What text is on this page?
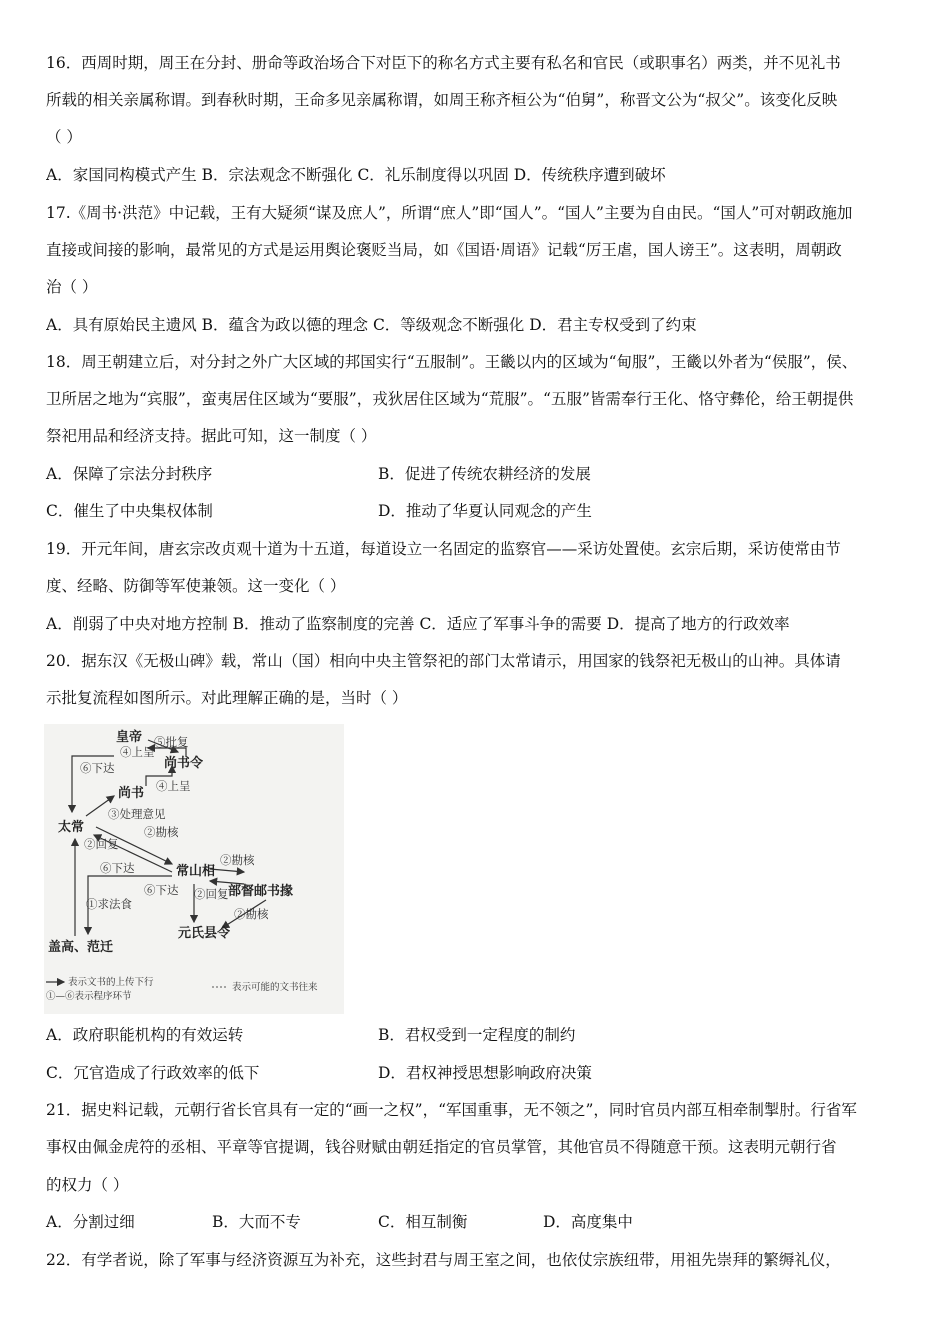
16．西周时期，周王在分封、册命等政治场合下对臣下的称名方式主要有私名和官民（或职事名）两类，并不见礼书
所载的相关亲属称谓。到春秋时期，王命多见亲属称谓，如周王称齐桓公为“伯舅”，称晋文公为“叔父”。该变化反映
（ ）
A．家国同构模式产生 B．宗法观念不断强化 C．礼乐制度得以巩固 D．传统秩序遭到破坏
17.《周书·洪范》中记载，王有大疑须“谋及庶人”，所谓“庶人”即“国人”。“国人”主要为自由民。“国人”可对朝政施加
直接或间接的影响，最常见的方式是运用舆论褒贬当局，如《国语·周语》记载“厉王虐，国人谤王”。这表明，周朝政
治（ ）
A．具有原始民主遗风 B．蕴含为政以德的理念 C．等级观念不断强化 D．君主专权受到了约束
18．周王朝建立后，对分封之外广大区域的邦国实行“五服制”。王畿以内的区域为“甸服”，王畿以外者为“侯服”，侯、
卫所居之地为“宾服”，蛮夷居住区域为“要服”，戎狄居住区域为“荒服”。“五服”皆需奉行王化、恪守彝伦，给王朝提供
祭祀用品和经济支持。据此可知，这一制度（ ）
A．保障了宗法分封秩序	B．促进了传统农耕经济的发展
C．催生了中央集权体制	D．推动了华夏认同观念的产生
19．开元年间，唐玄宗改贞观十道为十五道，每道设立一名固定的监察官——采访处置使。玄宗后期，采访使常由节
度、经略、防御等军使兼领。这一变化（ ）
A．削弱了中央对地方控制 B．推动了监察制度的完善 C．适应了军事斗争的需要 D．提高了地方的行政效率
20．据东汉《无极山碑》载，常山（国）相向中央主管祭祀的部门太常请示，用国家的钱祭祀无极山的山神。具体请
示批复流程如图所示。对此理解正确的是，当时（ ）
皇帝
尚书令
尚书
太常
常山相
部督邮书掾
元氏县令
盖高、范迁
⑤批复
④上呈
⑥下达
④上呈
③处理意见
②勘核
②回复
②勘核
⑥下达
⑥下达 ②回复
①求法食
②勘核
表示文书的上传下行
①—⑥表示程序环节
表示可能的文书往来
A．政府职能机构的有效运转	B．君权受到一定程度的制约
C．冗官造成了行政效率的低下	D．君权神授思想影响政府决策
21．据史料记载，元朝行省长官具有一定的“画一之权”，“军国重事，无不领之”，同时官员内部互相牵制掣肘。行省军
事权由佩金虎符的丞相、平章等官提调，钱谷财赋由朝廷指定的官员掌管，其他官员不得随意干预。这表明元朝行省
的权力（ ）
A．分割过细	B．大而不专	C．相互制衡	D．高度集中
22．有学者说，除了军事与经济资源互为补充，这些封君与周王室之间，也依仗宗族纽带，用祖先崇拜的繁缛礼仪，
